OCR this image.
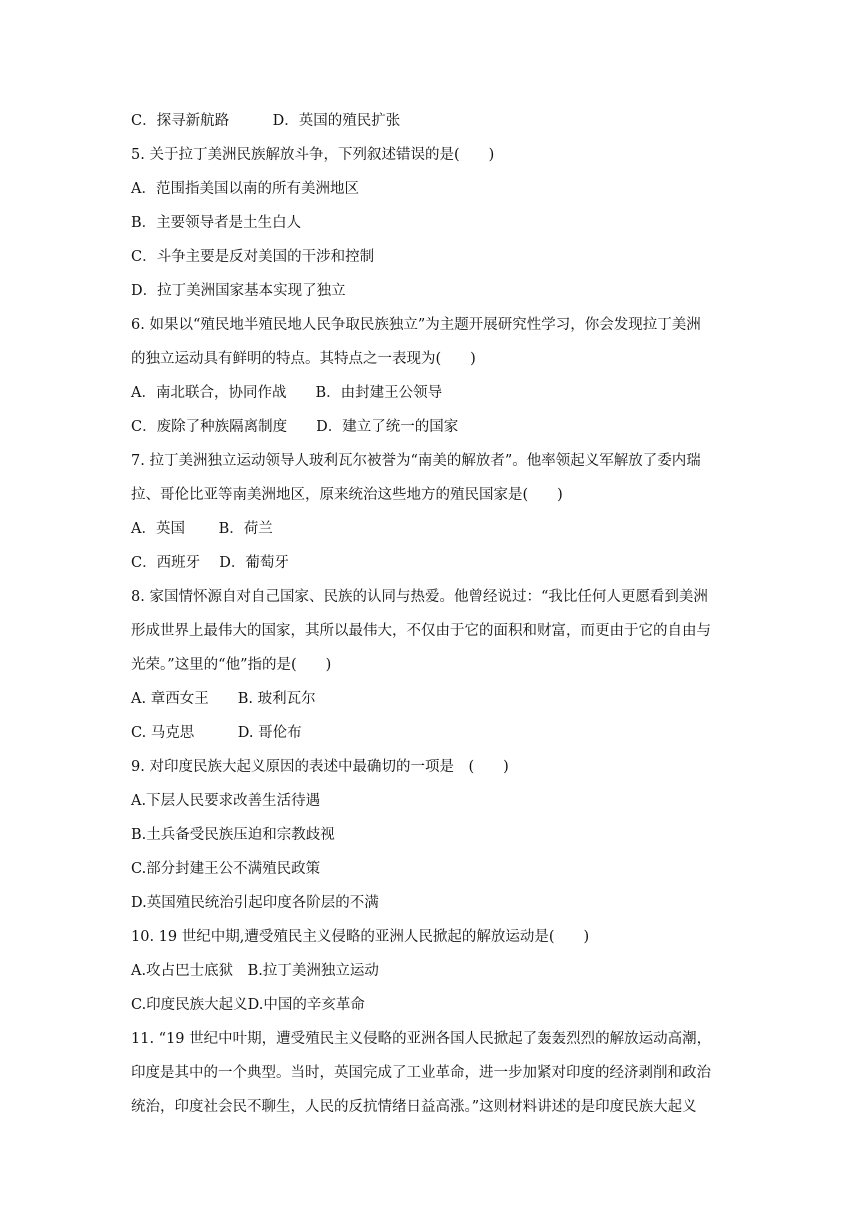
C．探寻新航路　　　D．英国的殖民扩张
5. 关于拉丁美洲民族解放斗争，下列叙述错误的是(　　)
A．范围指美国以南的所有美洲地区
B．主要领导者是土生白人
C．斗争主要是反对美国的干涉和控制
D．拉丁美洲国家基本实现了独立
6. 如果以“殖民地半殖民地人民争取民族独立”为主题开展研究性学习，你会发现拉丁美洲
的独立运动具有鲜明的特点。其特点之一表现为(　　)
A．南北联合，协同作战　　B．由封建王公领导
C．废除了种族隔离制度　　D．建立了统一的国家
7. 拉丁美洲独立运动领导人玻利瓦尔被誉为“南美的解放者”。他率领起义军解放了委内瑞
拉、哥伦比亚等南美洲地区，原来统治这些地方的殖民国家是(　　)
A．英国　　 B．荷兰
C．西班牙　 D．葡萄牙
8. 家国情怀源自对自己国家、民族的认同与热爱。他曾经说过：“我比任何人更愿看到美洲
形成世界上最伟大的国家，其所以最伟大，不仅由于它的面积和财富，而更由于它的自由与
光荣。”这里的“他”指的是(　　)
A. 章西女王　　B. 玻利瓦尔
C. 马克思　　　D. 哥伦布
9. 对印度民族大起义原因的表述中最确切的一项是　(　　)
A.下层人民要求改善生活待遇
B.土兵备受民族压迫和宗教歧视
C.部分封建王公不满殖民政策
D.英国殖民统治引起印度各阶层的不满
10. 19 世纪中期,遭受殖民主义侵略的亚洲人民掀起的解放运动是(　　)
A.攻占巴士底狱　B.拉丁美洲独立运动
C.印度民族大起义D.中国的辛亥革命
11. “19 世纪中叶期，遭受殖民主义侵略的亚洲各国人民掀起了轰轰烈烈的解放运动高潮，
印度是其中的一个典型。当时，英国完成了工业革命，进一步加紧对印度的经济剥削和政治
统治，印度社会民不聊生，人民的反抗情绪日益高涨。”这则材料讲述的是印度民族大起义
